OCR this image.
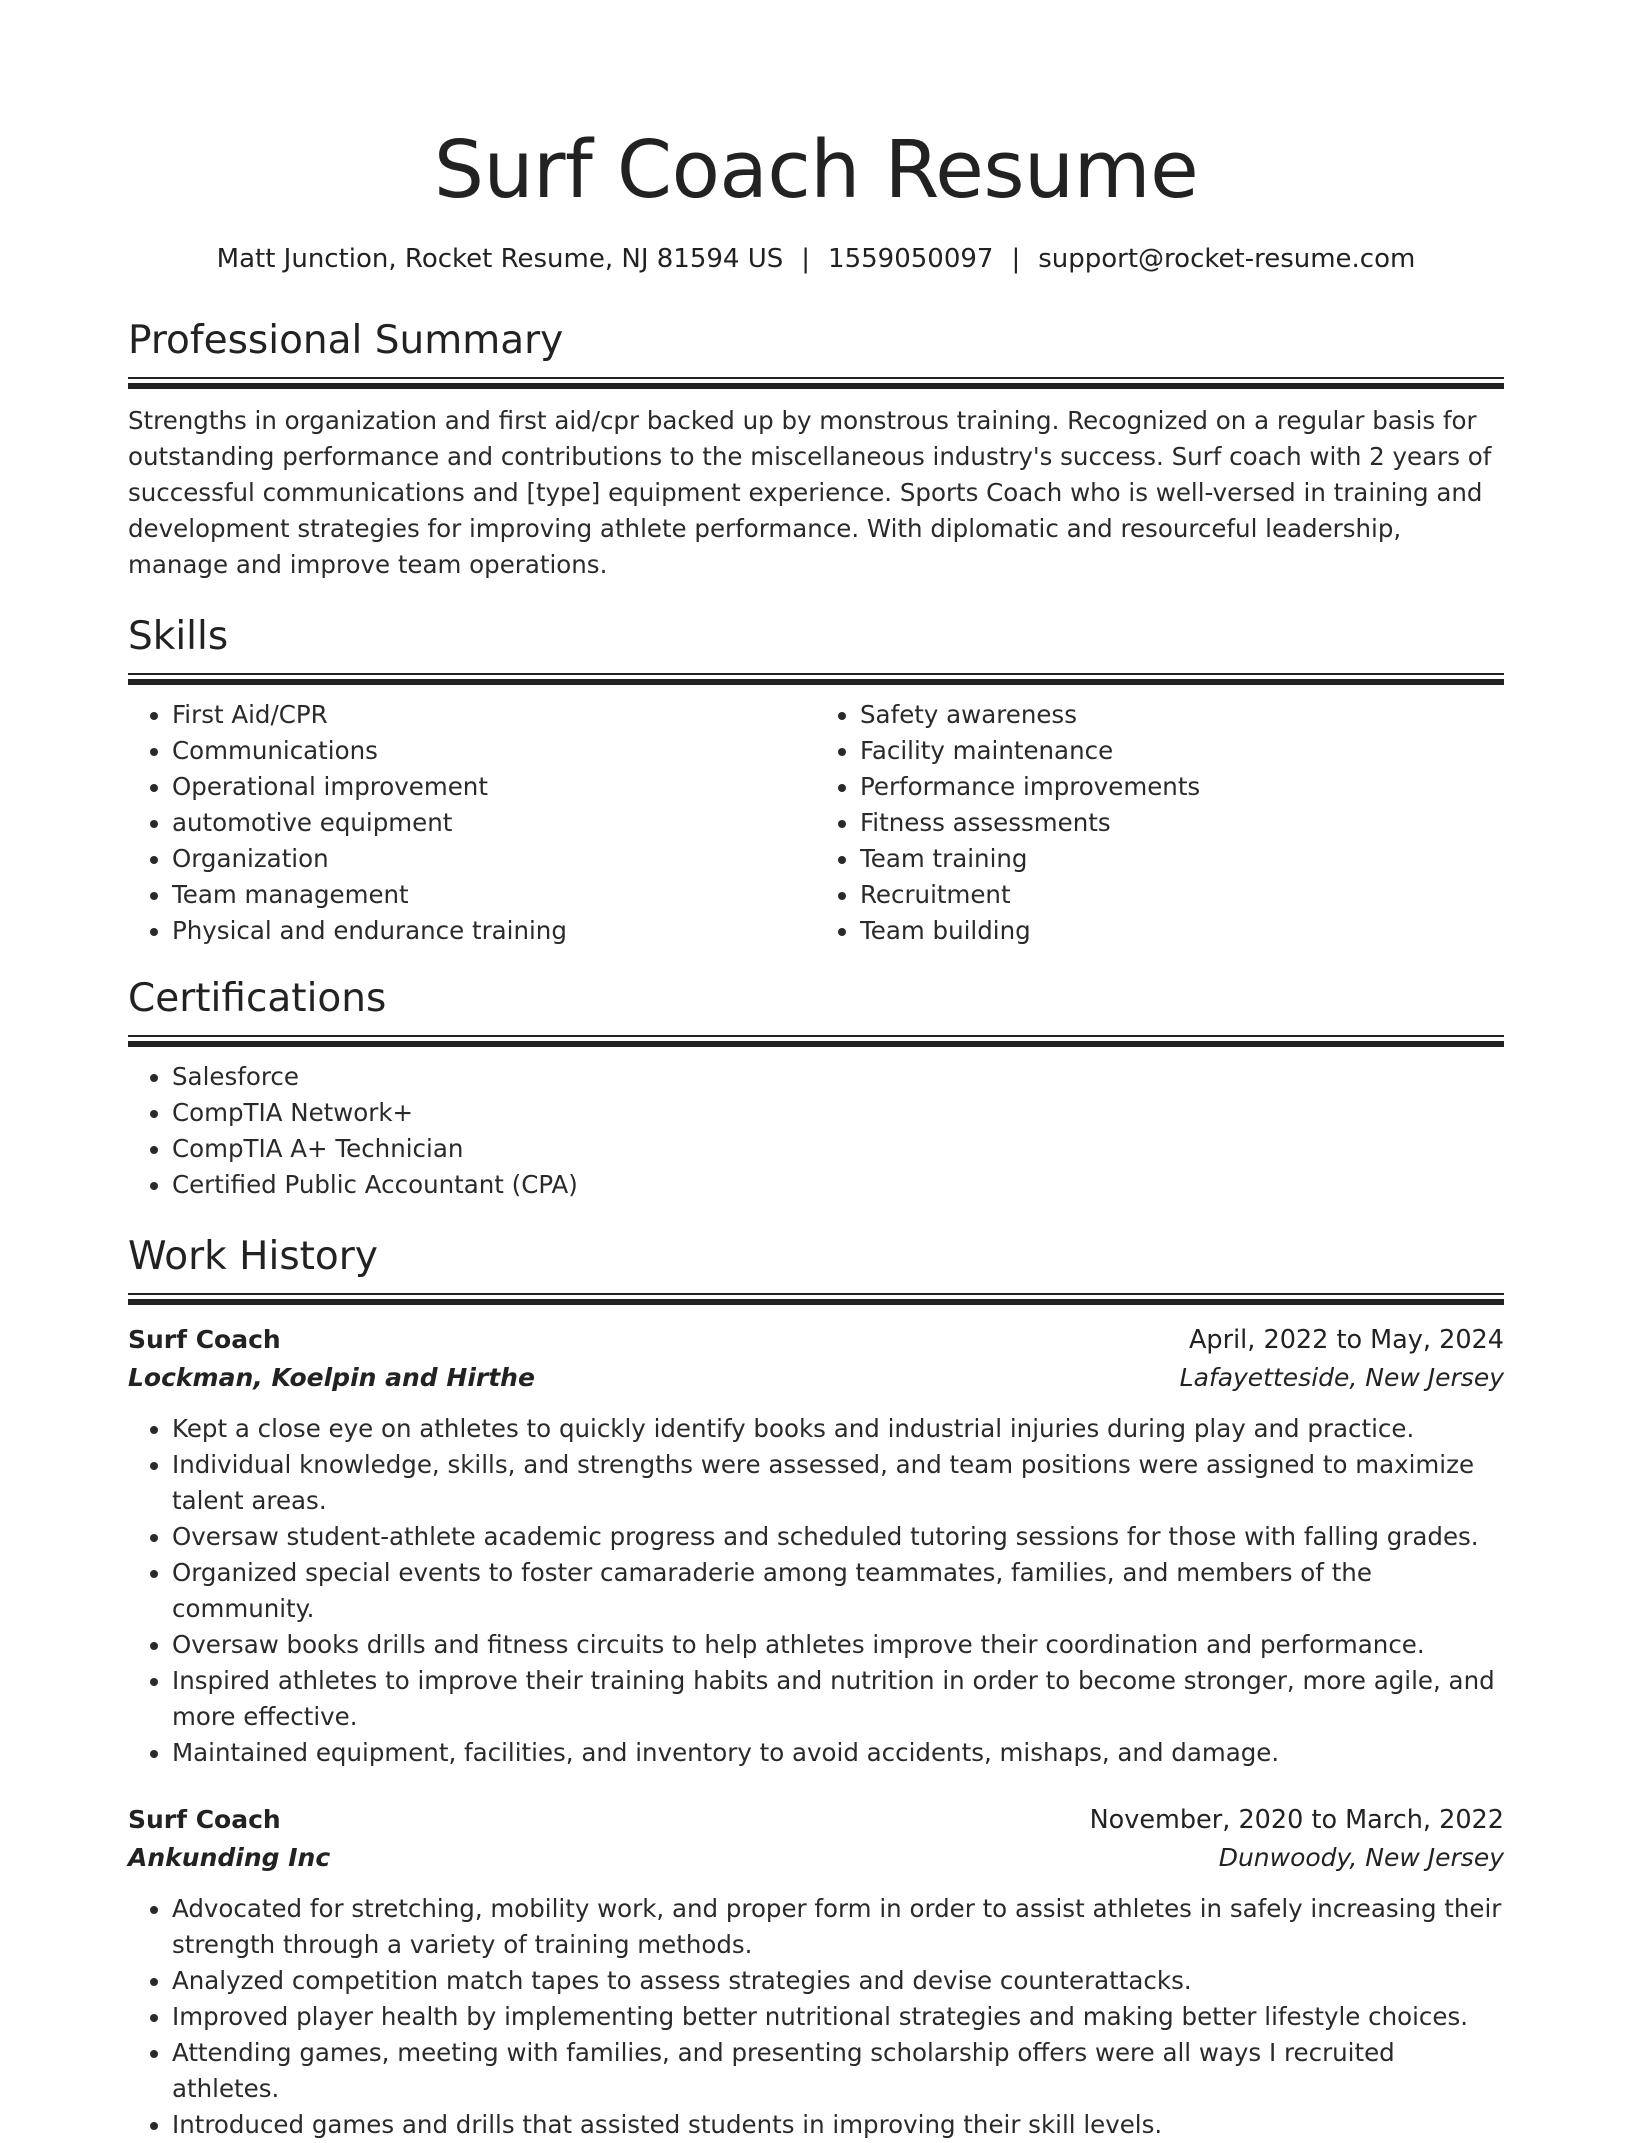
Surf Coach Resume
Matt Junction, Rocket Resume, NJ 81594 US | 1559050097 | support@rocket-resume.com
Professional Summary

Strengths in organization and first aid/cpr backed up by monstrous training. Recognized on a regular basis for outstanding performance and contributions to the miscellaneous industry's success. Surf coach with 2 years of successful communications and [type] equipment experience. Sports Coach who is well-versed in training and development strategies for improving athlete performance. With diplomatic and resourceful leadership, manage and improve team operations.

Skills
• First Aid/CPR
• Communications
• Operational improvement
• automotive equipment
• Organization
• Team management
• Physical and endurance training
• Safety awareness
• Facility maintenance
• Performance improvements
• Fitness assessments
• Team training
• Recruitment
• Team building
Certifications
• Salesforce
• CompTIA Network+
• CompTIA A+ Technician
• Certified Public Accountant (CPA)
Work History
Surf Coach	April, 2022 to May, 2024
Lockman, Koelpin and Hirthe	Lafayetteside, New Jersey
• Kept a close eye on athletes to quickly identify books and industrial injuries during play and practice.
• Individual knowledge, skills, and strengths were assessed, and team positions were assigned to maximize talent areas.
• Oversaw student-athlete academic progress and scheduled tutoring sessions for those with falling grades.
• Organized special events to foster camaraderie among teammates, families, and members of the community.
• Oversaw books drills and fitness circuits to help athletes improve their coordination and performance.
• Inspired athletes to improve their training habits and nutrition in order to become stronger, more agile, and more effective.
• Maintained equipment, facilities, and inventory to avoid accidents, mishaps, and damage.
Surf Coach	November, 2020 to March, 2022
Ankunding Inc	Dunwoody, New Jersey
• Advocated for stretching, mobility work, and proper form in order to assist athletes in safely increasing their strength through a variety of training methods.
• Analyzed competition match tapes to assess strategies and devise counterattacks.
• Improved player health by implementing better nutritional strategies and making better lifestyle choices.
• Attending games, meeting with families, and presenting scholarship offers were all ways I recruited athletes.
• Introduced games and drills that assisted students in improving their skill levels.
